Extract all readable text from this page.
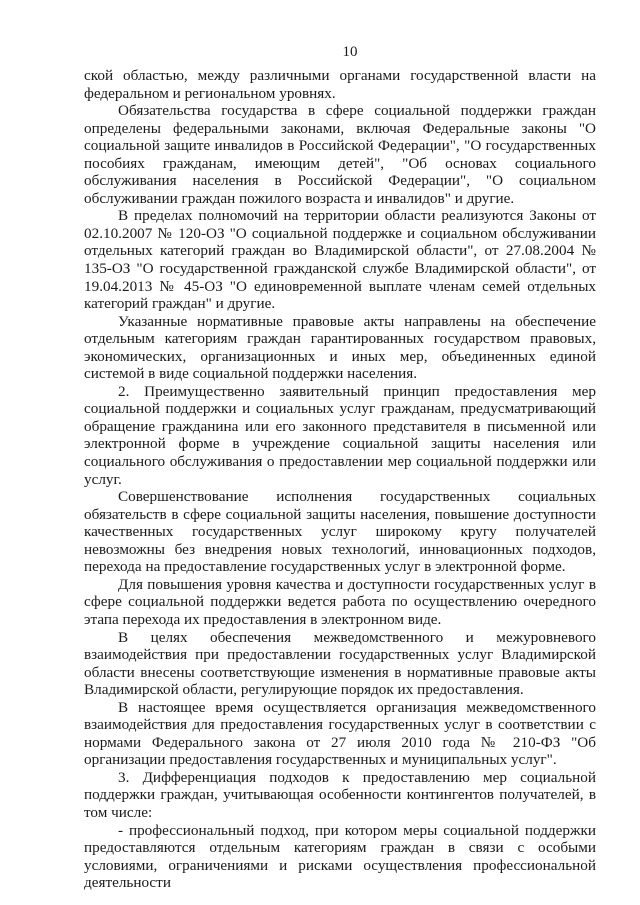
10

ской областью, между различными органами государственной власти на федеральном и региональном уровнях.

Обязательства государства в сфере социальной поддержки граждан определены федеральными законами, включая Федеральные законы "О социальной защите инвалидов в Российской Федерации", "О государственных пособиях гражданам, имеющим детей", "Об основах социального обслуживания населения в Российской Федерации", "О социальном обслуживании граждан пожилого возраста и инвалидов" и другие.

В пределах полномочий на территории области реализуются Законы от 02.10.2007 № 120-ОЗ "О социальной поддержке и социальном обслуживании отдельных категорий граждан во Владимирской области", от 27.08.2004 № 135-ОЗ "О государственной гражданской службе Владимирской области", от 19.04.2013 № 45-ОЗ "О единовременной выплате членам семей отдельных категорий граждан" и другие.

Указанные нормативные правовые акты направлены на обеспечение отдельным категориям граждан гарантированных государством правовых, экономических, организационных и иных мер, объединенных единой системой в виде социальной поддержки населения.

2. Преимущественно заявительный принцип предоставления мер социальной поддержки и социальных услуг гражданам, предусматривающий обращение гражданина или его законного представителя в письменной или электронной форме в учреждение социальной защиты населения или социального обслуживания о предоставлении мер социальной поддержки или услуг.

Совершенствование исполнения государственных социальных обязательств в сфере социальной защиты населения, повышение доступности качественных государственных услуг широкому кругу получателей невозможны без внедрения новых технологий, инновационных подходов, перехода на предоставление государственных услуг в электронной форме.

Для повышения уровня качества и доступности государственных услуг в сфере социальной поддержки ведется работа по осуществлению очередного этапа перехода их предоставления в электронном виде.

В целях обеспечения межведомственного и межуровневого взаимодействия при предоставлении государственных услуг Владимирской области внесены соответствующие изменения в нормативные правовые акты Владимирской области, регулирующие порядок их предоставления.

В настоящее время осуществляется организация межведомственного взаимодействия для предоставления государственных услуг в соответствии с нормами Федерального закона от 27 июля 2010 года № 210-ФЗ "Об организации предоставления государственных и муниципальных услуг".

3. Дифференциация подходов к предоставлению мер социальной поддержки граждан, учитывающая особенности контингентов получателей, в том числе:

- профессиональный подход, при котором меры социальной поддержки предоставляются отдельным категориям граждан в связи с особыми условиями, ограничениями и рисками осуществления профессиональной деятельности
